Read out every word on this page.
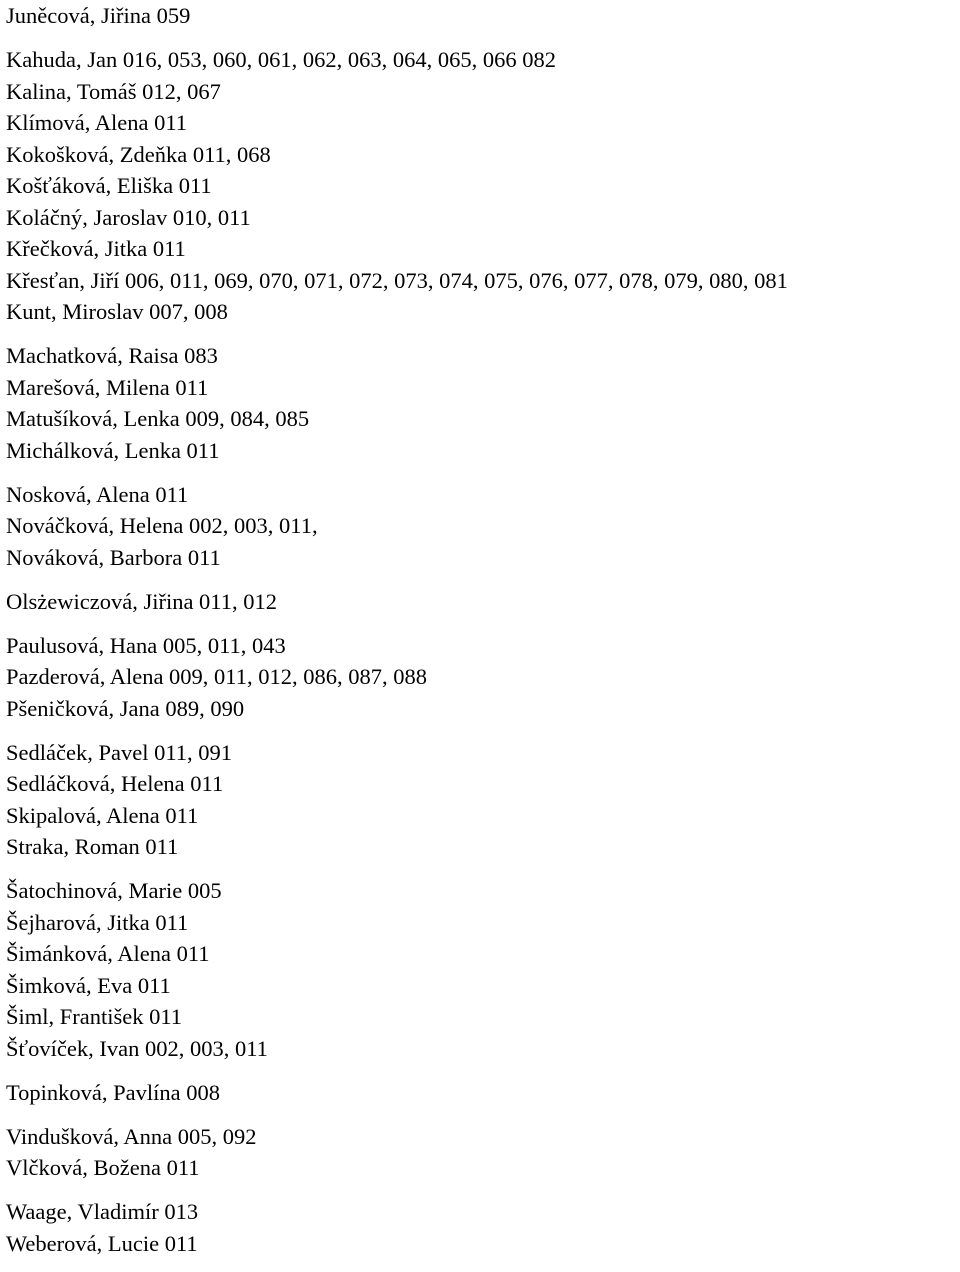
Juněcová, Jiřina 059
Kahuda, Jan 016, 053, 060, 061, 062, 063, 064, 065, 066 082
Kalina, Tomáš 012, 067
Klímová, Alena 011
Kokošková, Zdeňka 011, 068
Košťáková, Eliška 011
Koláčný, Jaroslav 010, 011
Křečková, Jitka 011
Křesťan, Jiří 006, 011, 069, 070, 071, 072, 073, 074, 075, 076, 077, 078, 079, 080, 081
Kunt, Miroslav 007, 008
Machatková, Raisa 083
Marešová, Milena 011
Matušíková, Lenka 009, 084, 085
Michálková, Lenka 011
Nosková, Alena 011
Nováčková, Helena 002, 003, 011,
Nováková, Barbora 011
Olsżewiczová, Jiřina 011, 012
Paulusová, Hana 005, 011, 043
Pazderová, Alena 009, 011, 012, 086, 087, 088
Pšeničková, Jana 089, 090
Sedláček, Pavel 011, 091
Sedláčková, Helena 011
Skipalová, Alena 011
Straka, Roman 011
Šatochinová, Marie 005
Šejharová, Jitka 011
Šimánková, Alena 011
Šimková, Eva 011
Šiml, František 011
Šťovíček, Ivan 002, 003, 011
Topinková, Pavlína 008
Vindušková, Anna 005, 092
Vlčková, Božena 011
Waage, Vladimír 013
Weberová, Lucie 011
